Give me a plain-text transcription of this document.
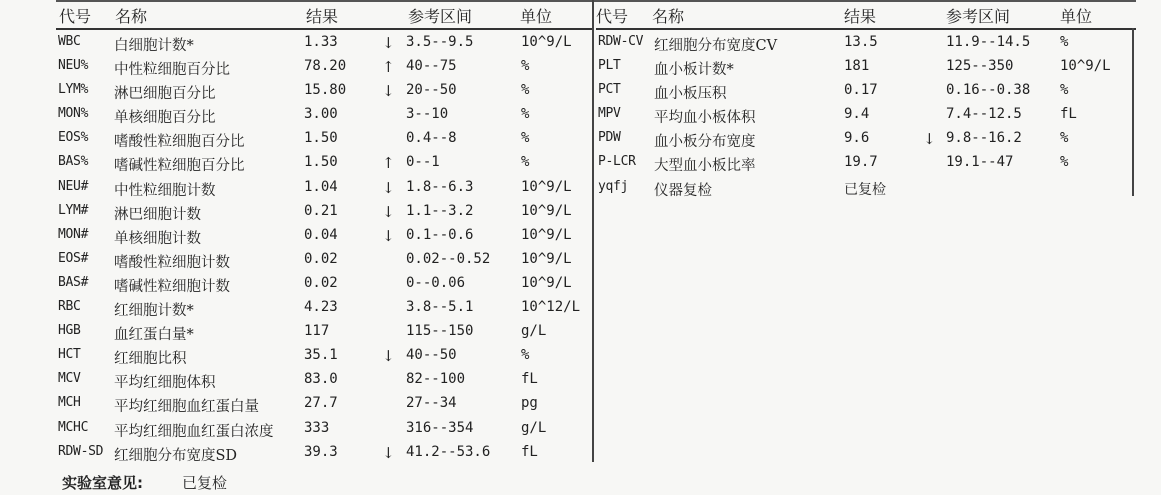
代号 名称	结果	参考区间	单位
WBC 白细胞计数*	1.33	↓ 3.5--9.5	10^9/L
NEU% 中性粒细胞百分比	78.20 ↑ 40--75	%
LYM% 淋巴细胞百分比	15.80 ↓ 20--50	%
MON% 单核细胞百分比	3.00	3--10	%
EOS% 嗜酸性粒细胞百分比	1.50	0.4--8	%
BAS% 嗜碱性粒细胞百分比	1.50	↑ 0--1	%
NEU# 中性粒细胞计数	1.04	↓ 1.8--6.3	10^9/L
LYM# 淋巴细胞计数	0.21	↓ 1.1--3.2	10^9/L
MON# 单核细胞计数	0.04	↓ 0.1--0.6	10^9/L
EOS# 嗜酸性粒细胞计数	0.02	0.02--0.52 10^9/L
BAS# 嗜碱性粒细胞计数	0.02	0--0.06	10^9/L
RBC 红细胞计数*	4.23	3.8--5.1	10^12/L
HGB 血红蛋白量*	117	115--150	g/L
HCT 红细胞比积	35.1	↓ 40--50	%
MCV 平均红细胞体积	83.0	82--100	fL
MCH 平均红细胞血红蛋白量	27.7	27--34	pg
MCHC 平均红细胞血红蛋白浓度 333	316--354	g/L
RDW-SD 红细胞分布宽度SD	39.3	↓ 41.2--53.6 fL
代号 名称	结果	参考区间	单位
RDW-CV 红细胞分布宽度CV	13.5	11.9--14.5 %
PLT 血小板计数*	181	125--350	10^9/L
PCT 血小板压积	0.17	0.16--0.38 %
MPV 平均血小板体积	9.4	7.4--12.5	fL
PDW 血小板分布宽度	9.6	↓ 9.8--16.2	%
P-LCR 大型血小板比率	19.7	19.1--47	%
yqfj 仪器复检	已复检
实验室意见:	已复检
